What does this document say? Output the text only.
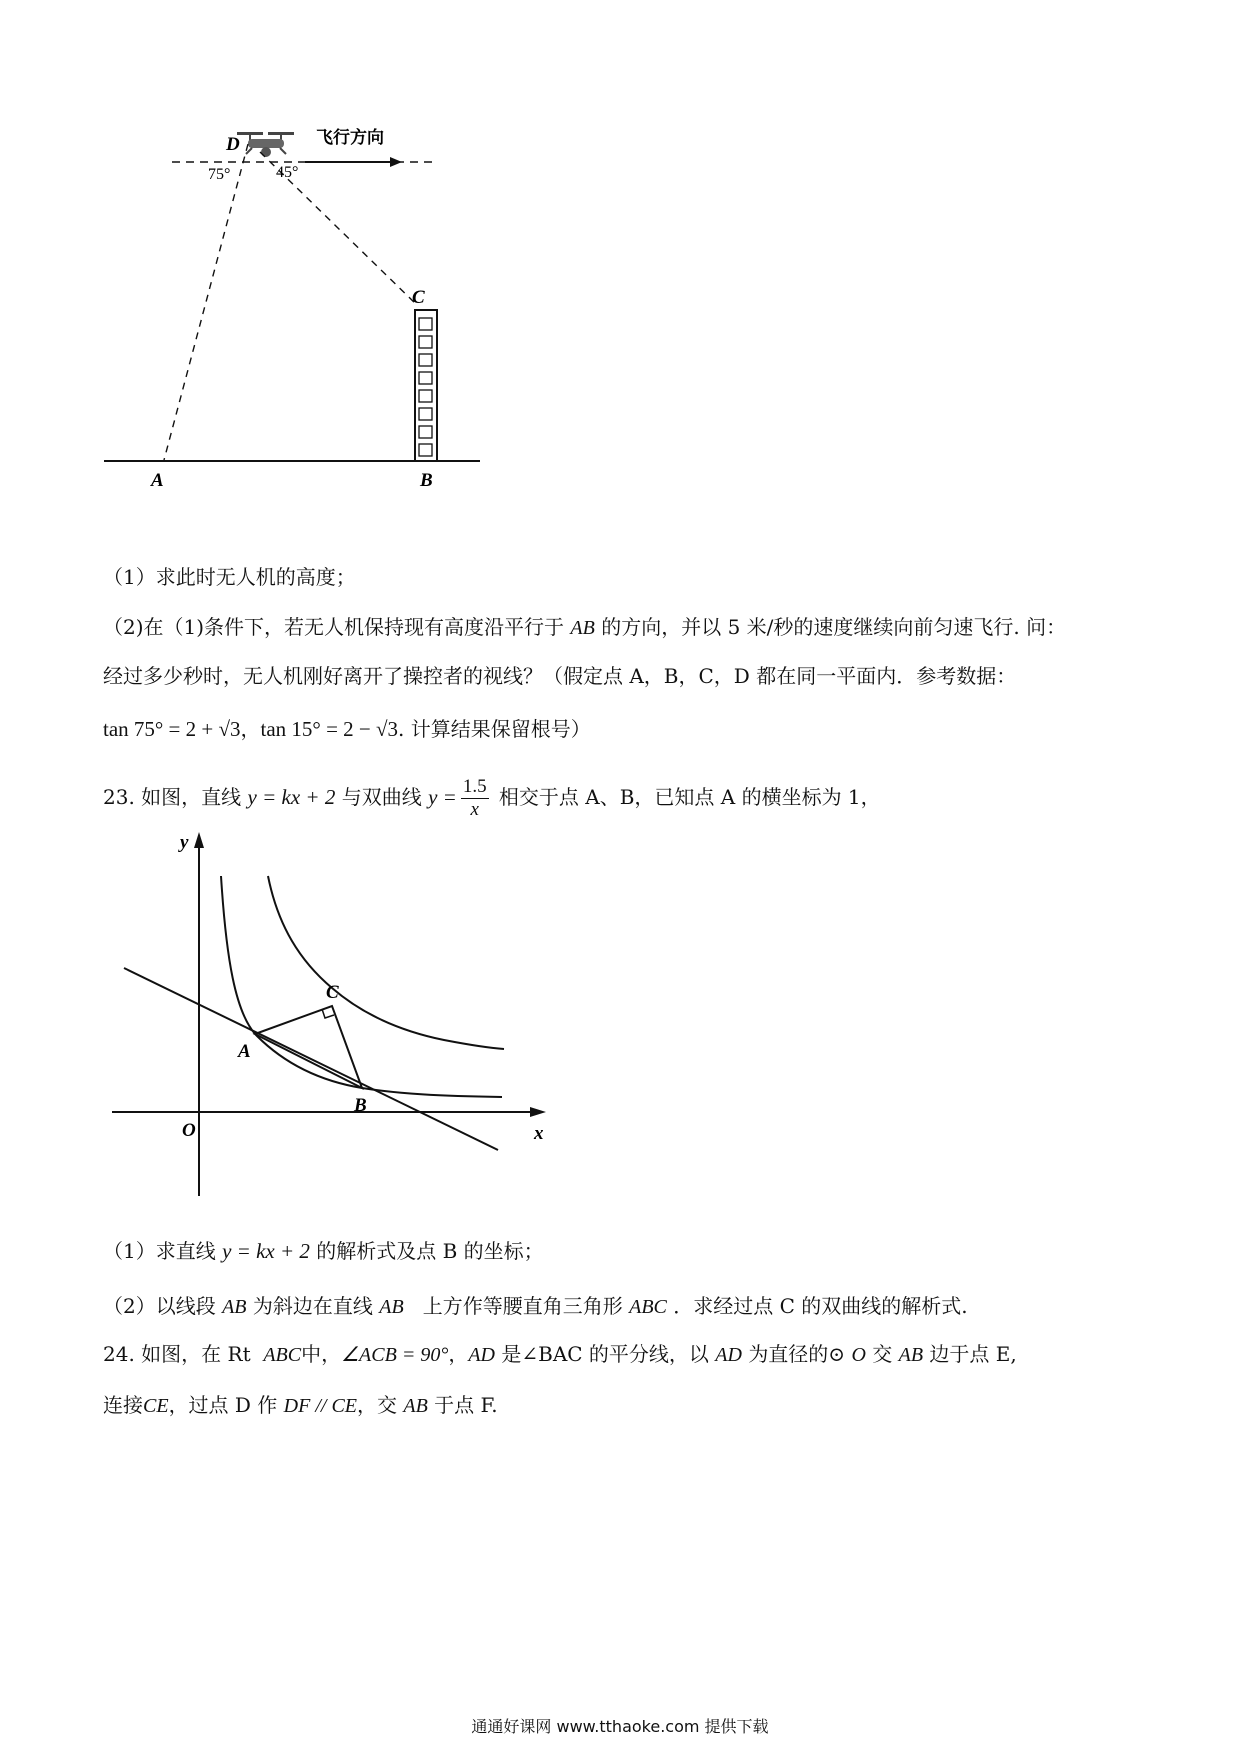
飞行方向
D
75°	45°
C
A	B
（1）求此时无人机的高度；
（2)在（1)条件下，若无人机保持现有高度沿平行于 AB 的方向，并以 5 米/秒的速度继续向前匀速飞行. 问：
经过多少秒时，无人机刚好离开了操控者的视线？（假定点 A，B，C，D 都在同一平面内．参考数据：
tan 75° = 2 + √3，tan 15° = 2 − √3. 计算结果保留根号）
23. 如图，直线 y = kx + 2 与双曲线 $y = \frac{1.5}{x}$ 相交于点 A、B，已知点 A 的横坐标为 1，
y
x
O
A
B
C
（1）求直线 y = kx + 2 的解析式及点 B 的坐标；
（2）以线段 AB 为斜边在直线 AB 上方作等腰直角三角形 ABC ．求经过点 C 的双曲线的解析式.
24. 如图，在 Rt ABC中，∠ACB = 90°，AD 是∠BAC 的平分线，以 AD 为直径的⊙ O 交 AB 边于点 E,
连接CE，过点 D 作 DF // CE，交 AB 于点 F.
通通好课网 www.tthaoke.com 提供下载
